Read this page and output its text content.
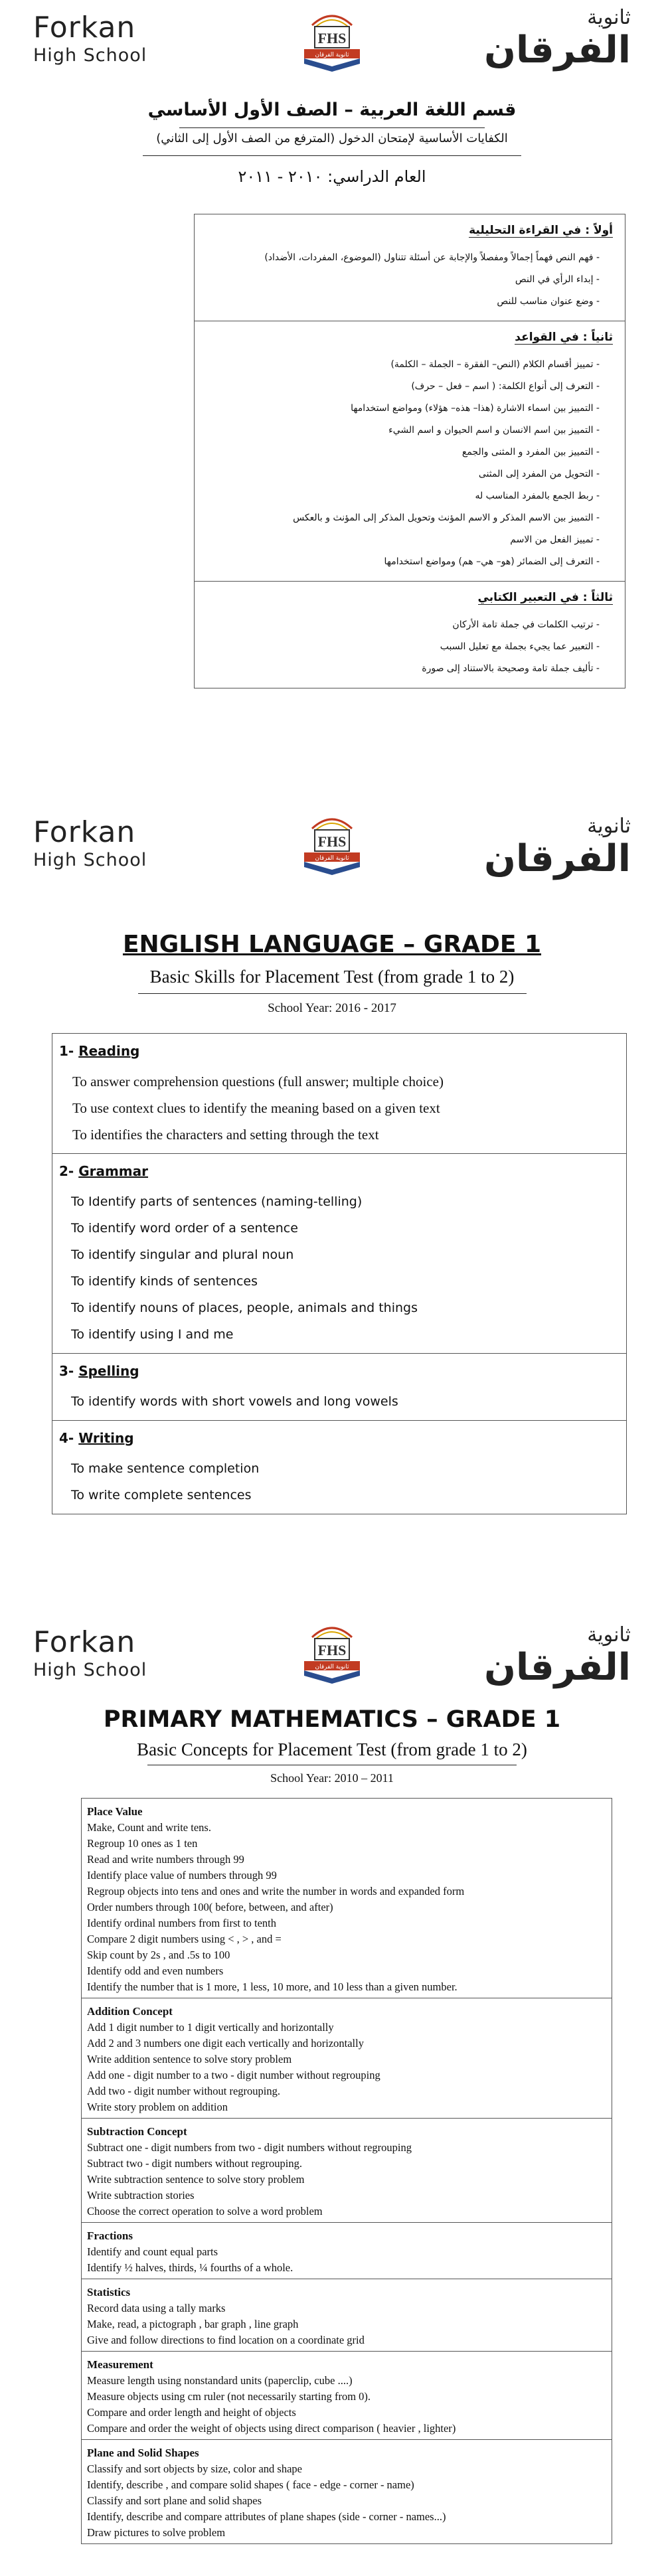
Forkan
High School
FHS
ثانوية الفرقان
ثانوية
الفرقان
قسم اللغة العربية – الصف الأول الأساسي
الكفايات الأساسية لإمتحان الدخول (المترفع من الصف الأول إلى الثاني)
العام الدراسي: ٢٠١٠ - ٢٠١١
أولاً : في القراءة التحليلية
- فهم النص فهماً إجمالاً ومفصلاً والإجابة عن أسئلة تتناول (الموضوع، المفردات، الأضداد)
- إبداء الرأي في النص
- وضع عنوان مناسب للنص
ثانياً : في القواعد
- تمييز أقسام الكلام (النص– الفقرة – الجملة – الكلمة)
- التعرف إلى أنواع الكلمة: ( اسم – فعل – حرف)
- التمييز بين اسماء الاشارة (هذا– هذه– هؤلاء) ومواضع استخدامها
- التمييز بين اسم الانسان و اسم الحيوان و اسم الشيء
- التمييز بين المفرد و المثنى والجمع
- التحويل من المفرد إلى المثنى
- ربط الجمع بالمفرد المناسب له
- التمييز بين الاسم المذكر و الاسم المؤنث وتحويل المذكر إلى المؤنث و بالعكس
- تمييز الفعل من الاسم
- التعرف إلى الضمائر (هو– هي– هم) ومواضع استخدامها
ثالثاً : في التعبير الكتابي
- ترتيب الكلمات في جملة تامة الأركان
- التعبير عما يجيء بجملة مع تعليل السبب
- تأليف جملة تامة وصحيحة بالاستناد إلى صورة
Forkan
High School
FHS
ثانوية الفرقان
ثانوية
الفرقان
ENGLISH LANGUAGE – GRADE 1
Basic Skills for Placement Test (from grade 1 to 2)
School Year: 2016 - 2017
1- Reading
To answer comprehension questions (full answer; multiple choice)
To use context clues to identify the meaning based on a given text
To identifies the characters and setting through the text
2- Grammar
To Identify parts of sentences (naming-telling)
To identify word order of a sentence
To identify singular and plural noun
To identify kinds of sentences
To identify nouns of places, people, animals and things
To identify using I and me
3- Spelling
To identify words with short vowels and long vowels
4- Writing
To make sentence completion
To write complete sentences
Forkan
High School
FHS
ثانوية الفرقان
ثانوية
الفرقان
PRIMARY MATHEMATICS – GRADE 1
Basic Concepts for Placement Test (from grade 1 to 2)
School Year: 2010 – 2011
Place Value
Make, Count and write tens.
Regroup 10 ones as 1 ten
Read and write numbers through 99
Identify place value of numbers through 99
Regroup objects into tens and ones and write the number in words and expanded form
Order numbers through 100( before, between, and after)
Identify ordinal numbers from first to tenth
Compare 2 digit numbers using < , > , and =
Skip count by 2s , and .5s to 100
Identify odd and even numbers
Identify the number that is 1 more, 1 less, 10 more, and 10 less than a given number.
Addition Concept
Add 1 digit number to 1 digit vertically and horizontally
Add 2 and 3 numbers one digit each vertically and horizontally
Write addition sentence to solve story problem
Add one - digit number to a two - digit number without regrouping
Add two - digit number without regrouping.
Write story problem on addition
Subtraction Concept
Subtract one - digit numbers from two - digit numbers without regrouping
Subtract two - digit numbers without regrouping.
Write subtraction sentence to solve story problem
Write subtraction stories
Choose the correct operation to solve a word problem
Fractions
Identify and count equal parts
Identify ½ halves, thirds, ¼ fourths of a whole.
Statistics
Record data using a tally marks
Make, read, a pictograph , bar graph , line graph
Give and follow directions to find location on a coordinate grid
Measurement
Measure length using nonstandard units (paperclip, cube ....)
Measure objects using cm ruler (not necessarily starting from 0).
Compare and order length and height of objects
Compare and order the weight of objects using direct comparison ( heavier , lighter)
Plane and Solid Shapes
Classify and sort objects by size, color and shape
Identify, describe , and compare solid shapes ( face - edge - corner - name)
Classify and sort plane and solid shapes
Identify, describe and compare attributes of plane shapes (side - corner - names...)
Draw pictures to solve problem
